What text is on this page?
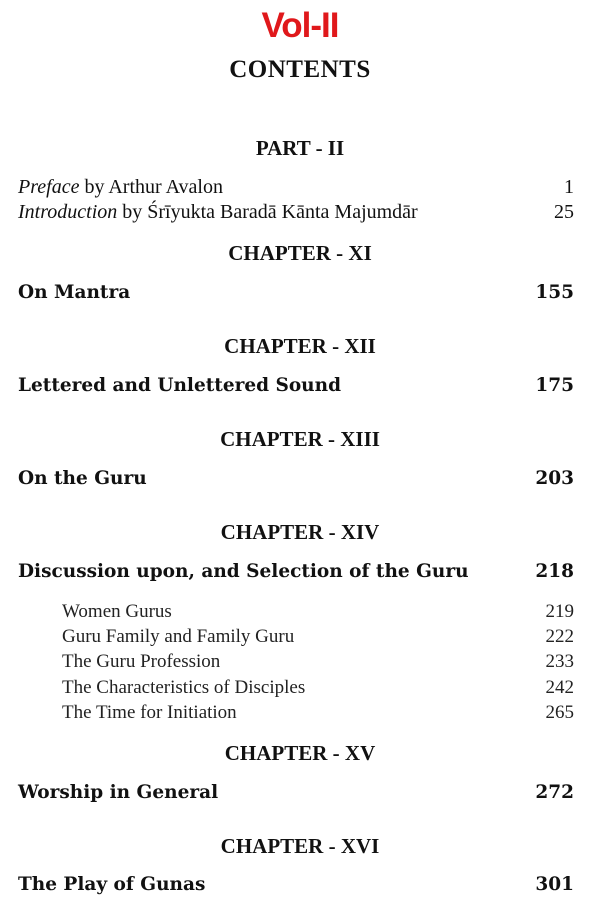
Vol-II
CONTENTS
PART - II
Preface by Arthur Avalon	1
Introduction by Śrīyukta Baradā Kānta Majumdār	25
CHAPTER - XI
On Mantra	155
CHAPTER - XII
Lettered and Unlettered Sound	175
CHAPTER - XIII
On the Guru	203
CHAPTER - XIV
Discussion upon, and Selection of the Guru	218
Women Gurus	219
Guru Family and Family Guru	222
The Guru Profession	233
The Characteristics of Disciples	242
The Time for Initiation	265
CHAPTER - XV
Worship in General	272
CHAPTER - XVI
The Play of Gunas	301
